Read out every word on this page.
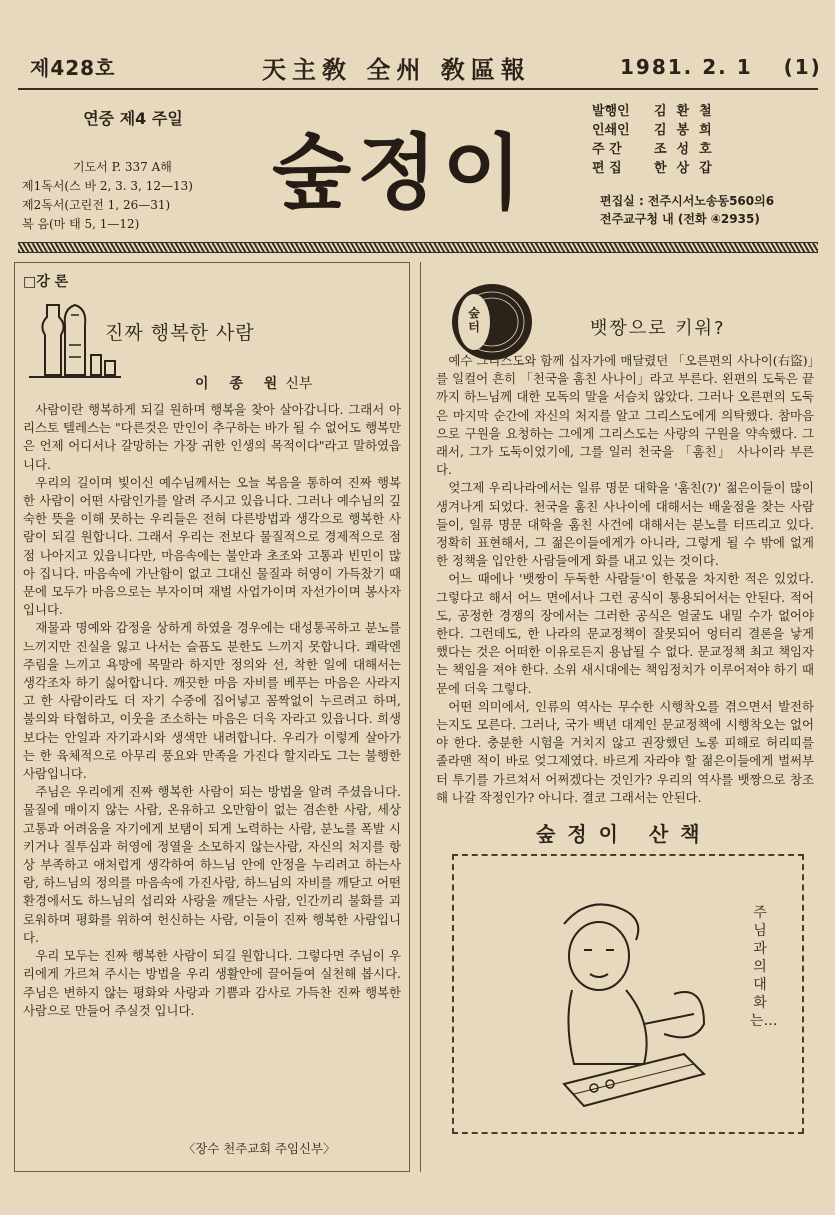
제428호	天主敎 全州 敎區報	1981. 2. 1 (1)
연중 제4 주일
기도서 P. 337 A해
제1독서(스 바 2, 3. 3, 12—13)
제2독서(고린전 1, 26—31)
복 음(마 태 5, 1—12)
숲정이
발행인	김환철
인쇄인	김봉희
주 간	조성호
편 집	한상갑
편집실 : 전주시서노송동560의6
전주교구청 내 (전화 ④2935)
□강 론
진짜 행복한 사람
이 종 원신부

사람이란 행복하게 되길 원하며 행복을 찾아 살아갑니다. 그래서 아리스토 텔레스는 "다른것은 만인이 추구하는 바가 될 수 없어도 행복만은 언제 어디서나 갈망하는 가장 귀한 인생의 목적이다"라고 말하였읍니다.

우리의 길이며 빛이신 예수님께서는 오늘 복음을 통하여 진짜 행복한 사람이 어떤 사람인가를 알려 주시고 있읍니다. 그러나 예수님의 깊숙한 뜻을 이해 못하는 우리들은 전혀 다른방법과 생각으로 행복한 사람이 되길 원합니다. 그래서 우리는 전보다 물질적으로 경제적으로 점점 나아지고 있읍니다만, 마음속에는 불안과 초조와 고통과 빈민이 많아 집니다. 마음속에 가난함이 없고 그대신 물질과 허영이 가득찼기 때문에 모두가 마음으로는 부자이며 재벌 사업가이며 자선가이며 봉사자 입니다.

재물과 명예와 감정을 상하게 하였을 경우에는 대성통곡하고 분노를 느끼지만 진실을 잃고 나서는 슬픔도 분한도 느끼지 못합니다. 쾌락엔 주림을 느끼고 욕망에 목말라 하지만 정의와 선, 착한 일에 대해서는 생각조차 하기 싫어합니다. 깨끗한 마음 자비를 베푸는 마음은 사라지고 한 사람이라도 더 자기 수중에 집어넣고 꼼짝없이 누르려고 하며, 불의와 타협하고, 이웃을 조소하는 마음은 더욱 자라고 있읍니다. 희생보다는 안일과 자기과시와 생색만 내려합니다. 우리가 이렇게 살아가는 한 육체적으로 아무리 풍요와 만족을 가진다 할지라도 그는 불행한 사람입니다.

주님은 우리에게 진짜 행복한 사람이 되는 방법을 알려 주셨읍니다. 물질에 매이지 않는 사람, 온유하고 오만함이 없는 겸손한 사람, 세상 고통과 어려움을 자기에게 보탬이 되게 노력하는 사람, 분노를 폭발 시키거나 질투심과 허영에 정열을 소모하지 않는사람, 자신의 처지를 항상 부족하고 애처럽게 생각하여 하느님 안에 안정을 누리려고 하는사람, 하느님의 정의를 마음속에 가진사람, 하느님의 자비를 깨닫고 어떤 환경에서도 하느님의 섭리와 사랑을 깨닫는 사람, 인간끼리 불화를 괴로워하며 평화를 위하여 헌신하는 사람, 이들이 진짜 행복한 사람입니다.

우리 모두는 진짜 행복한 사람이 되길 원합니다. 그렇다면 주님이 우리에게 가르쳐 주시는 방법을 우리 생활안에 끌어들여 실천해 봅시다. 주님은 변하지 않는 평화와 사랑과 기쁨과 감사로 가득찬 진짜 행복한 사람으로 만들어 주실것 입니다.

〈장수 천주교회 주임신부〉
숲터	뱃짱으로 키워?

예수 그리스도와 함께 십자가에 매달렸던 「오른편의 사나이(右盜)」를 일컬어 흔히 「천국을 훔친 사나이」라고 부른다. 왼편의 도둑은 끝까지 하느님께 대한 모독의 말을 서슴치 않았다. 그러나 오른편의 도둑은 마지막 순간에 자신의 처지를 알고 그리스도에게 의탁했다. 참마음으로 구원을 요청하는 그에게 그리스도는 사랑의 구원을 약속했다. 그래서, 그가 도둑이었기에, 그를 일러 천국을 「훔친」 사나이라 부른다.

엊그제 우리나라에서는 일류 명문 대학을 '훔친(?)' 젊은이들이 많이 생겨나게 되었다. 천국을 훔친 사나이에 대해서는 배울점을 찾는 사람들이, 일류 명문 대학을 훔친 사건에 대해서는 분노를 터뜨리고 있다. 정확히 표현해서, 그 젊은이들에게가 아니라, 그렇게 될 수 밖에 없게한 정책을 입안한 사람들에게 화를 내고 있는 것이다.

어느 때에나 '뱃짱이 두둑한 사람들'이 한몫을 차지한 적은 있었다. 그렇다고 해서 어느 면에서나 그런 공식이 통용되어서는 안된다. 적어도, 공정한 경쟁의 장에서는 그러한 공식은 얼굴도 내밀 수가 없어야 한다. 그런데도, 한 나라의 문교정책이 잘못되어 엉터리 결론을 낳게 했다는 것은 어떠한 이유로든지 용납될 수 없다. 문교정책 최고 책임자는 책임을 져야 한다. 소위 새시대에는 책임정치가 이루어져야 하기 때문에 더욱 그렇다.

어떤 의미에서, 인류의 역사는 무수한 시행착오를 겪으면서 발전하는지도 모른다. 그러나, 국가 백년 대계인 문교정책에 시행착오는 없어야 한다. 충분한 시험을 거치지 않고 권장했던 노롱 피해로 허리띠를 졸라맨 적이 바로 엊그제였다. 바르게 자라야 할 젊은이들에게 벌써부터 투기를 가르쳐서 어쩌겠다는 것인가? 우리의 역사를 뱃짱으로 창조해 나갈 작정인가? 아니다. 결코 그래서는 안된다.

숲정이 산책
주님과의 대화는…
